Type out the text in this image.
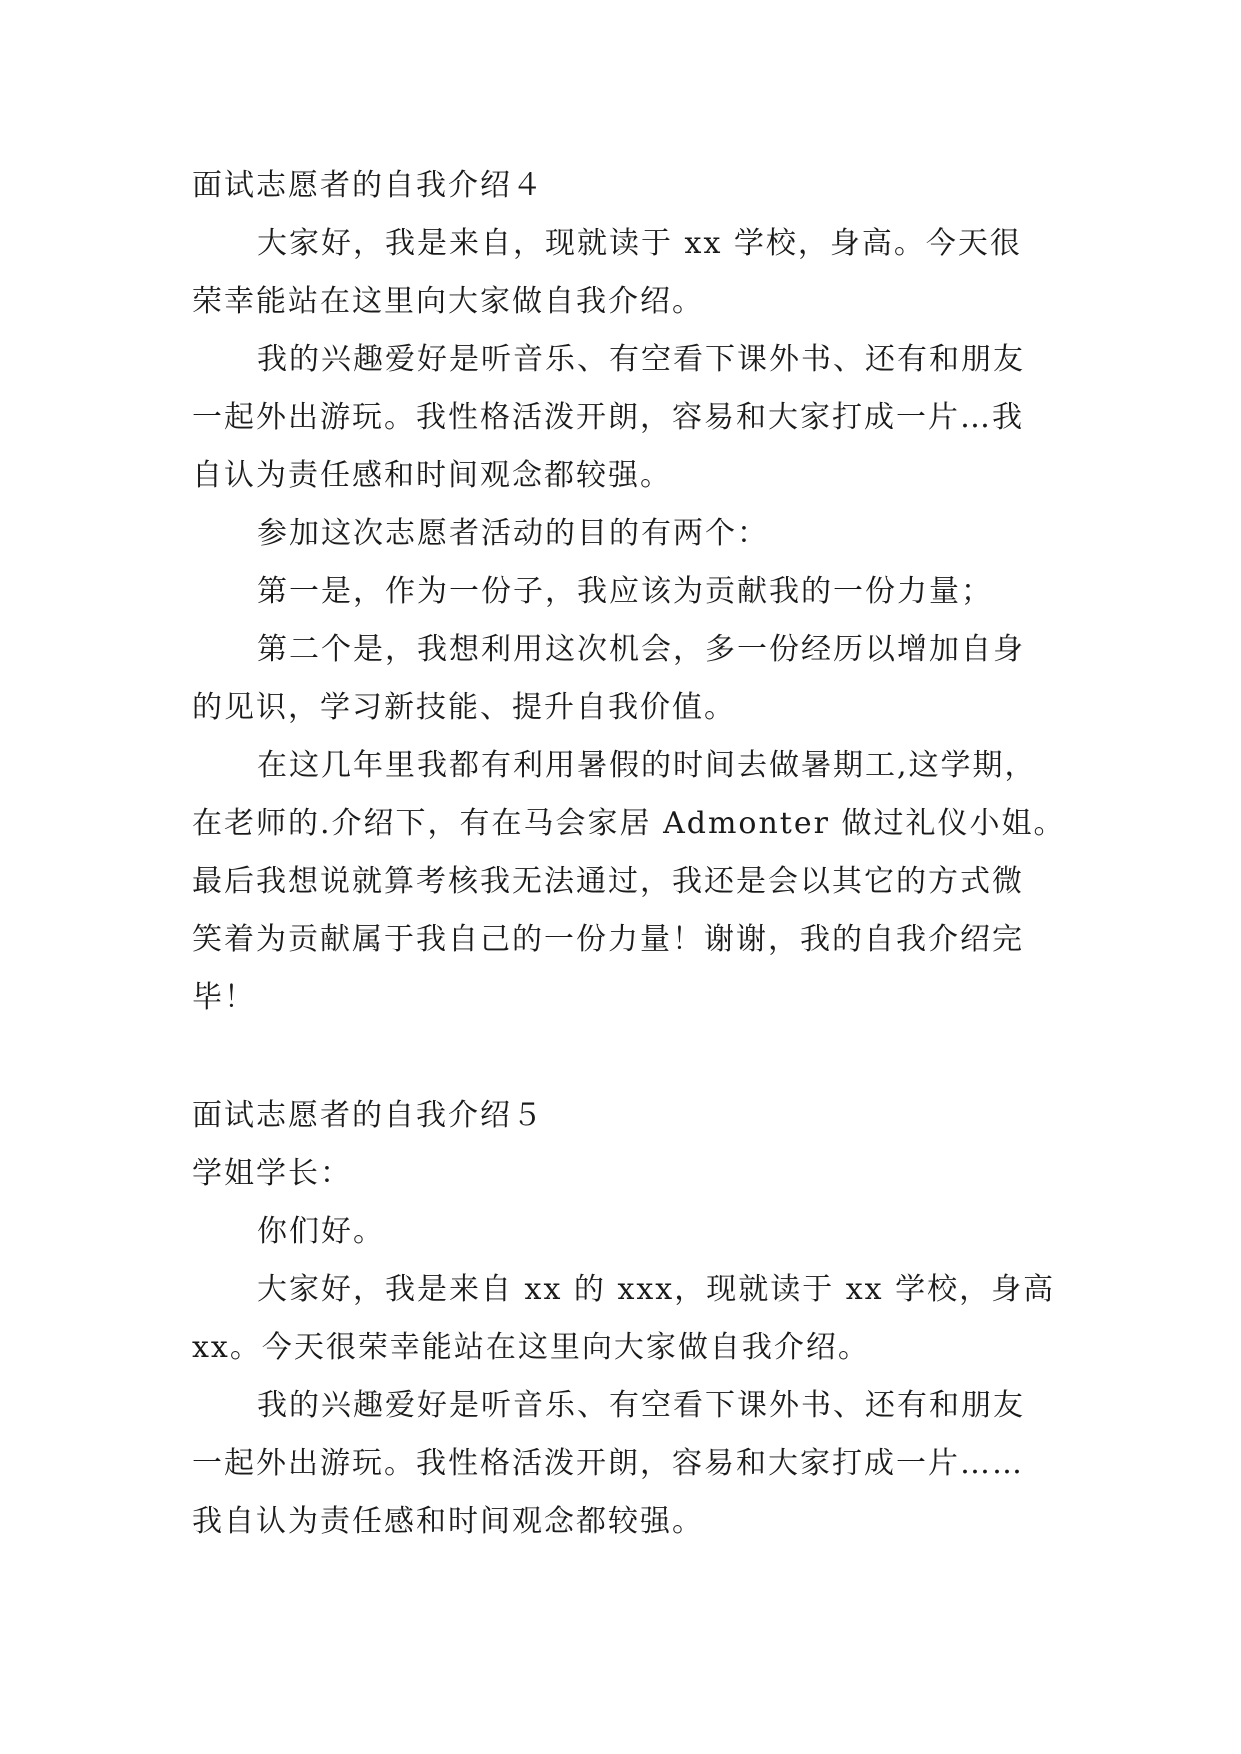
面试志愿者的自我介绍４
大家好，我是来自，现就读于 xx 学校，身高。今天很
荣幸能站在这里向大家做自我介绍。
我的兴趣爱好是听音乐、有空看下课外书、还有和朋友
一起外出游玩。我性格活泼开朗，容易和大家打成一片…我
自认为责任感和时间观念都较强。
参加这次志愿者活动的目的有两个：
第一是，作为一份子，我应该为贡献我的一份力量；
第二个是，我想利用这次机会，多一份经历以增加自身
的见识，学习新技能、提升自我价值。
在这几年里我都有利用暑假的时间去做暑期工,这学期，
在老师的.介绍下，有在马会家居 Admonter 做过礼仪小姐。
最后我想说就算考核我无法通过，我还是会以其它的方式微
笑着为贡献属于我自己的一份力量！谢谢，我的自我介绍完
毕！
面试志愿者的自我介绍５
学姐学长：
你们好。
大家好，我是来自 xx 的 xxx，现就读于 xx 学校，身高
xx。今天很荣幸能站在这里向大家做自我介绍。
我的兴趣爱好是听音乐、有空看下课外书、还有和朋友
一起外出游玩。我性格活泼开朗，容易和大家打成一片……
我自认为责任感和时间观念都较强。
